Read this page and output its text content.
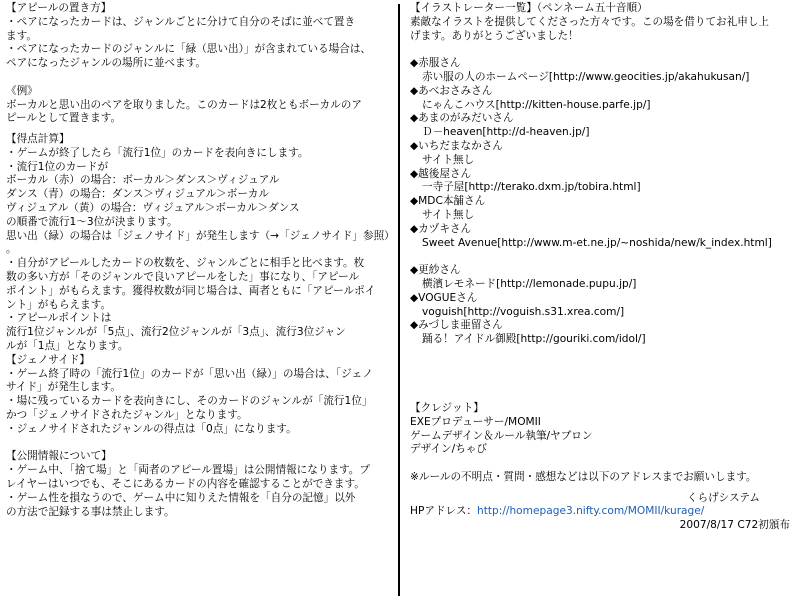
【アピールの置き方】
・ペアになったカードは、ジャンルごとに分けて自分のそばに並べて置き
ます。
・ペアになったカードのジャンルに「緑（思い出）」が含まれている場合は、
ペアになったジャンルの場所に並べます。
《例》
ボーカルと思い出のペアを取りました。このカードは2枚ともボーカルのア
ピールとして置きます。
【得点計算】
・ゲームが終了したら「流行1位」のカードを表向きにします。
・流行1位のカードが
ボーカル（赤）の場合：ボーカル＞ダンス＞ヴィジュアル
ダンス（青）の場合：ダンス＞ヴィジュアル＞ボーカル
ヴィジュアル（黄）の場合：ヴィジュアル＞ボーカル＞ダンス
の順番で流行1～3位が決まります。
思い出（緑）の場合は「ジェノサイド」が発生します（→「ジェノサイド」参照）
。
・自分がアピールしたカードの枚数を、ジャンルごとに相手と比べます。枚
数の多い方が「そのジャンルで良いアピールをした」事になり、「アピール
ポイント」がもらえます。獲得枚数が同じ場合は、両者ともに「アピールポイ
ント」がもらえます。
・アピールポイントは
流行1位ジャンルが「5点」、流行2位ジャンルが「3点」、流行3位ジャン
ルが「1点」となります。
【ジェノサイド】
・ゲーム終了時の「流行1位」のカードが「思い出（緑）」の場合は、「ジェノ
サイド」が発生します。
・場に残っているカードを表向きにし、そのカードのジャンルが「流行1位」
かつ「ジェノサイドされたジャンル」となります。
・ジェノサイドされたジャンルの得点は「0点」になります。
【公開情報について】
・ゲーム中、「捨て場」と「両者のアピール置場」は公開情報になります。プ
レイヤーはいつでも、そこにあるカードの内容を確認することができます。
・ゲーム性を損なうので、ゲーム中に知りえた情報を「自分の記憶」以外
の方法で記録する事は禁止します。
【イラストレーター一覧】（ペンネーム五十音順）
素敵なイラストを提供してくださった方々です。この場を借りてお礼申し上
げます。ありがとうございました！
◆赤服さん
赤い服の人のホームページ[http://www.geocities.jp/akahukusan/]
◆あべおさみさん
にゃんこハウス[http://kitten-house.parfe.jp/]
◆あまのがみだいさん
Ｄ－heaven[http://d-heaven.jp/]
◆いちだまなかさん
サイト無し
◆越後屋さん
一寺子屋[http://terako.dxm.jp/tobira.html]
◆MDC本舗さん
サイト無し
◆カヅキさん
Sweet Avenue[http://www.m-et.ne.jp/~noshida/new/k_index.html]
◆更紗さん
横濱レモネード[http://lemonade.pupu.jp/]
◆VOGUEさん
voguish[http://voguish.s31.xrea.com/]
◆みづしま亜留さん
踊る！アイドル御殿[http://gouriki.com/idol/]
【クレジット】
EXEプロデューサー/MOMII
ゲームデザイン＆ルール執筆/ヤブロン
デザイン/ちゃび
※ルールの不明点・質問・感想などは以下のアドレスまでお願いします。
くらげシステム
HPアドレス：http://homepage3.nifty.com/MOMII/kurage/
2007/8/17 C72初頒布
